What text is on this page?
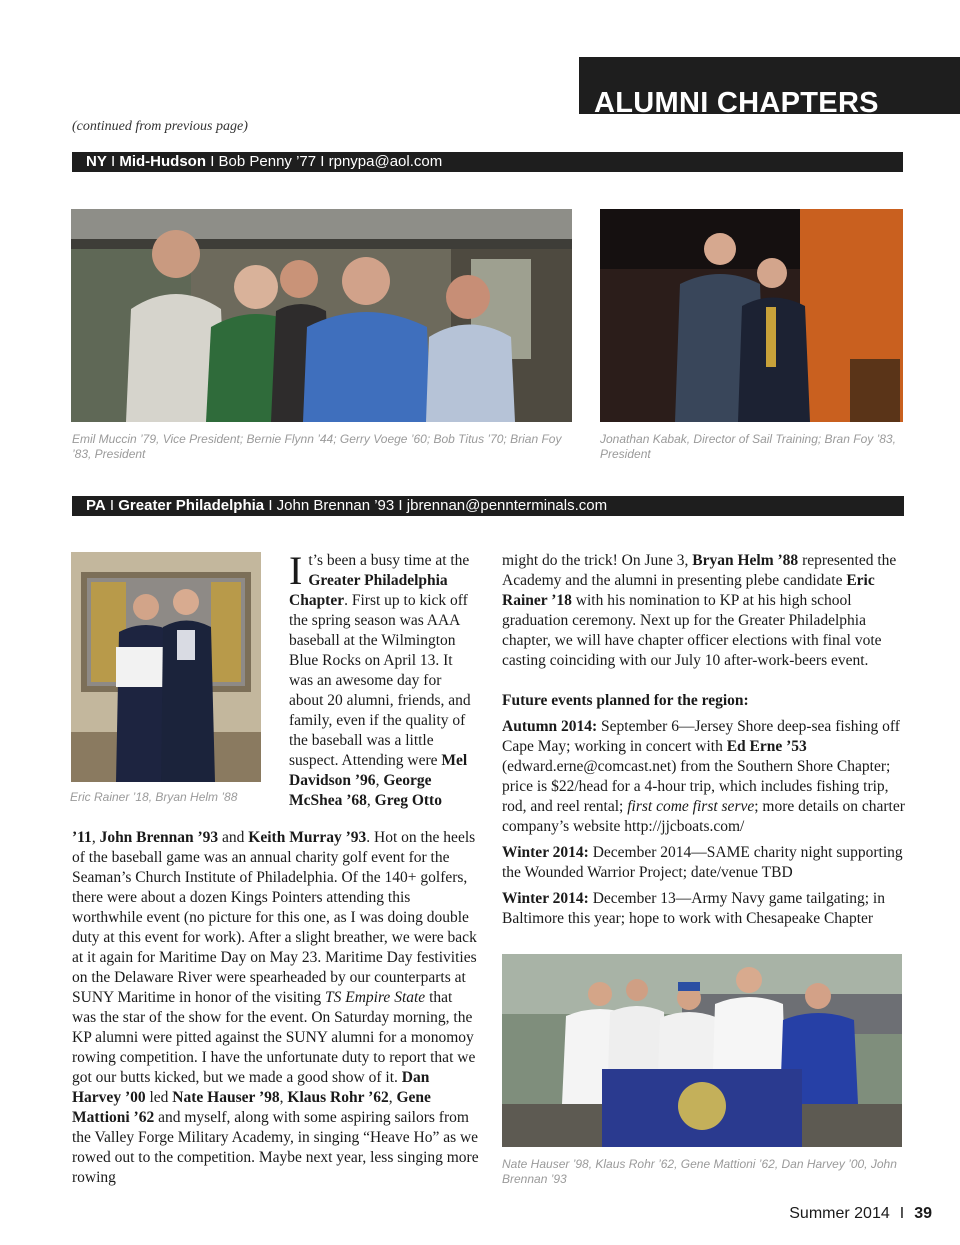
ALUMNI CHAPTERS
(continued from previous page)
NY I Mid-Hudson I Bob Penny ’77 I rpnypa@aol.com
Emil Muccin ’79, Vice President; Bernie Flynn ’44; Gerry Voege ’60; Bob Titus ’70; Brian Foy ’83, President
Jonathan Kabak, Director of Sail Training; Bran Foy ’83, President
PA I Greater Philadelphia I John Brennan ’93 I jbrennan@pennterminals.com
Eric Rainer ’18, Bryan Helm ’88
It’s been a busy time at the Greater Philadelphia Chapter. First up to kick off the spring season was AAA baseball at the Wilmington Blue Rocks on April 13. It was an awesome day for about 20 alumni, friends, and family, even if the quality of the baseball was a little suspect. Attending were Mel Davidson ’96, George McShea ’68, Greg Otto
’11, John Brennan ’93 and Keith Murray ’93. Hot on the heels of the baseball game was an annual charity golf event for the Seaman’s Church Institute of Philadelphia. Of the 140+ golfers, there were about a dozen Kings Pointers attending this worthwhile event (no picture for this one, as I was doing double duty at this event for work). After a slight breather, we were back at it again for Maritime Day on May 23. Maritime Day festivities on the Delaware River were spearheaded by our counterparts at SUNY Maritime in honor of the visiting TS Empire State that was the star of the show for the event. On Saturday morning, the KP alumni were pitted against the SUNY alumni for a monomoy rowing competition. I have the unfortunate duty to report that we got our butts kicked, but we made a good show of it. Dan Harvey ’00 led Nate Hauser ’98, Klaus Rohr ’62, Gene Mattioni ’62 and myself, along with some aspiring sailors from the Valley Forge Military Academy, in singing “Heave Ho” as we rowed out to the competition. Maybe next year, less singing more rowing

might do the trick! On June 3, Bryan Helm ’88 represented the Academy and the alumni in presenting plebe candidate Eric Rainer ’18 with his nomination to KP at his high school graduation ceremony. Next up for the Greater Philadelphia chapter, we will have chapter officer elections with final vote casting coinciding with our July 10 after-work-beers event.

Future events planned for the region:

Autumn 2014: September 6—Jersey Shore deep-sea fishing off Cape May; working in concert with Ed Erne ’53 (edward.erne@comcast.net) from the Southern Shore Chapter; price is $22/head for a 4-hour trip, which includes fishing trip, rod, and reel rental; first come first serve; more details on charter company’s website http://jjcboats.com/

Winter 2014: December 2014—SAME charity night supporting the Wounded Warrior Project; date/venue TBD

Winter 2014: December 13—Army Navy game tailgating; in Baltimore this year; hope to work with Chesapeake Chapter

Nate Hauser ’98, Klaus Rohr ’62, Gene Mattioni ’62, Dan Harvey ’00, John Brennan ’93
Summer 2014 I 39
